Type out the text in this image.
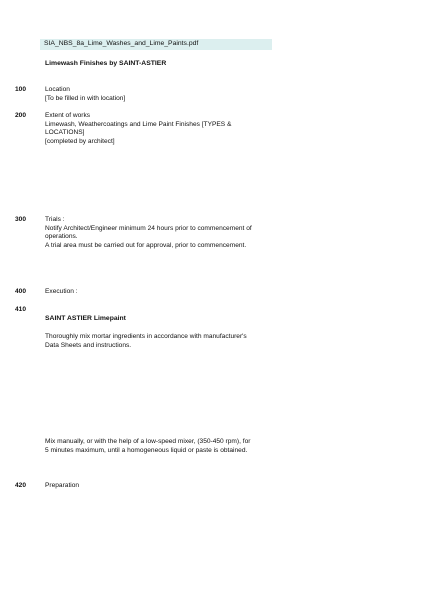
SIA_NBS_8a_Lime_Washes_and_Lime_Paints.pdf
Limewash Finishes by SAINT-ASTIER
100	Location
[To be filled in with location]
200	Extent of works
Limewash, Weathercoatings and Lime Paint Finishes [TYPES &
LOCATIONS]
[completed by architect]
300	Trials :
Notify Architect/Engineer minimum 24 hours prior to commencement of
operations.
A trial area must be carried out for approval, prior to commencement.
400	Execution :
410
SAINT ASTIER Limepaint
Thoroughly mix mortar ingredients in accordance with manufacturer's
Data Sheets and instructions.
Mix manually, or with the help of a low-speed mixer, (350-450 rpm), for
5 minutes maximum, until a homogeneous liquid or paste is obtained.
420	Preparation
